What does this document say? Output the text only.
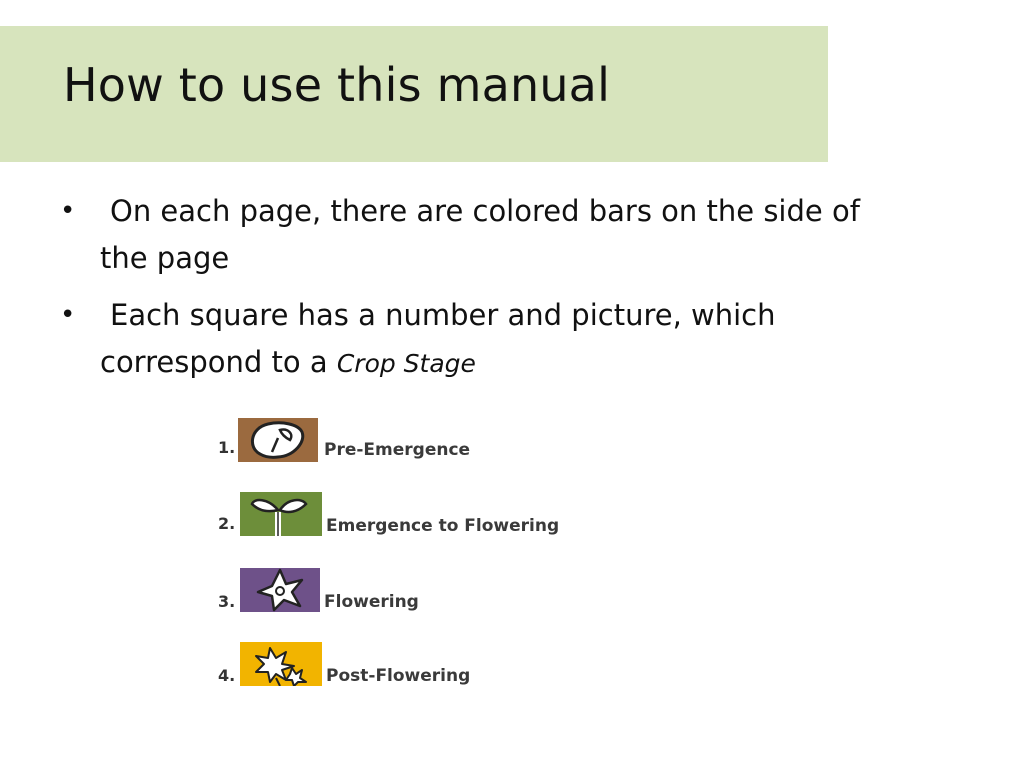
How to use this manual
• On each page, there are colored bars on the side of
the page
• Each square has a number and picture, which
correspond to a Crop Stage
1.	Pre-Emergence
2.	Emergence to Flowering
3.	Flowering
4.	Post-Flowering
